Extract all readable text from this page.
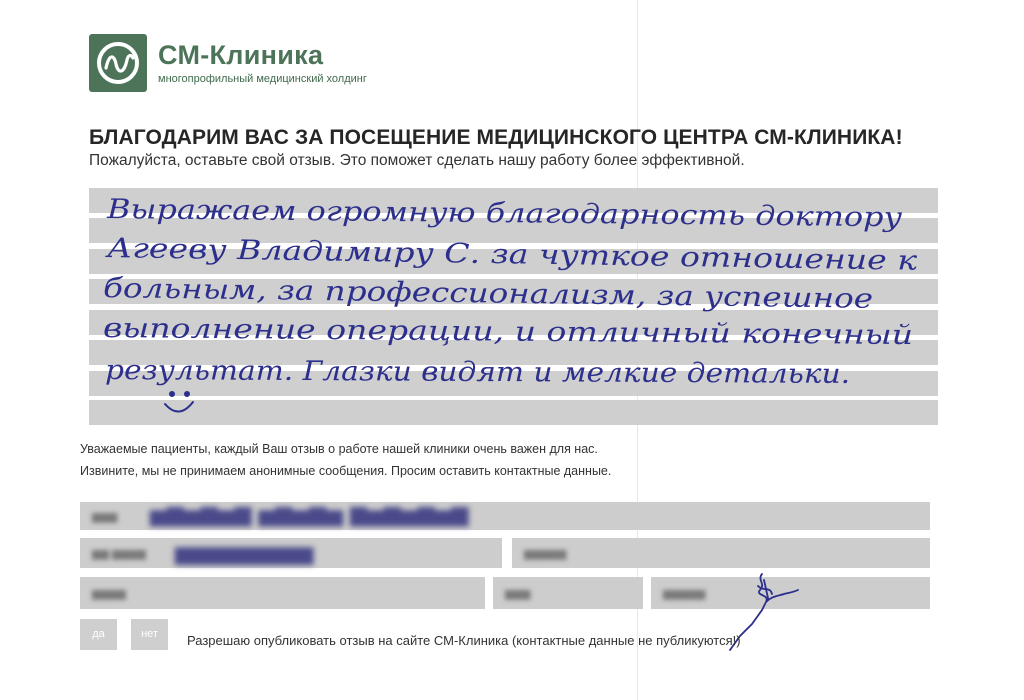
СМ-Клиника
многопрофильный медицинский холдинг
БЛАГОДАРИМ ВАС ЗА ПОСЕЩЕНИЕ МЕДИЦИНСКОГО ЦЕНТРА СМ-КЛИНИКА!
Пожалуйста, оставьте свой отзыв. Это поможет сделать нашу работу более эффективной.
Выражаем огромную благодарность доктору
Агееву Владимиру С. за чуткое отношение к
больным, за профессионализм, за успешное
выполнение операции, и отличный конечный
результат. Глазки видят и мелкие детальки.
Уважаемые пациенты, каждый Ваш отзыв о работе нашей клиники очень важен для нас.
Извините, мы не принимаем анонимные сообщения. Просим оставить контактные данные.
▆▆▆ ▅▆▅▆▅▆ ▅▆▅▆▅ ▆▅▆▅▆▅▆
▆▆ ▆▆▆▆ ▆▆▆▆▆▆▆▆▆	▆▆▆▆▆
▆▆▆▆	▆▆▆	▆▆▆▆▆
да	нет	Разрешаю опубликовать отзыв на сайте СМ-Клиника (контактные данные не публикуются!)
